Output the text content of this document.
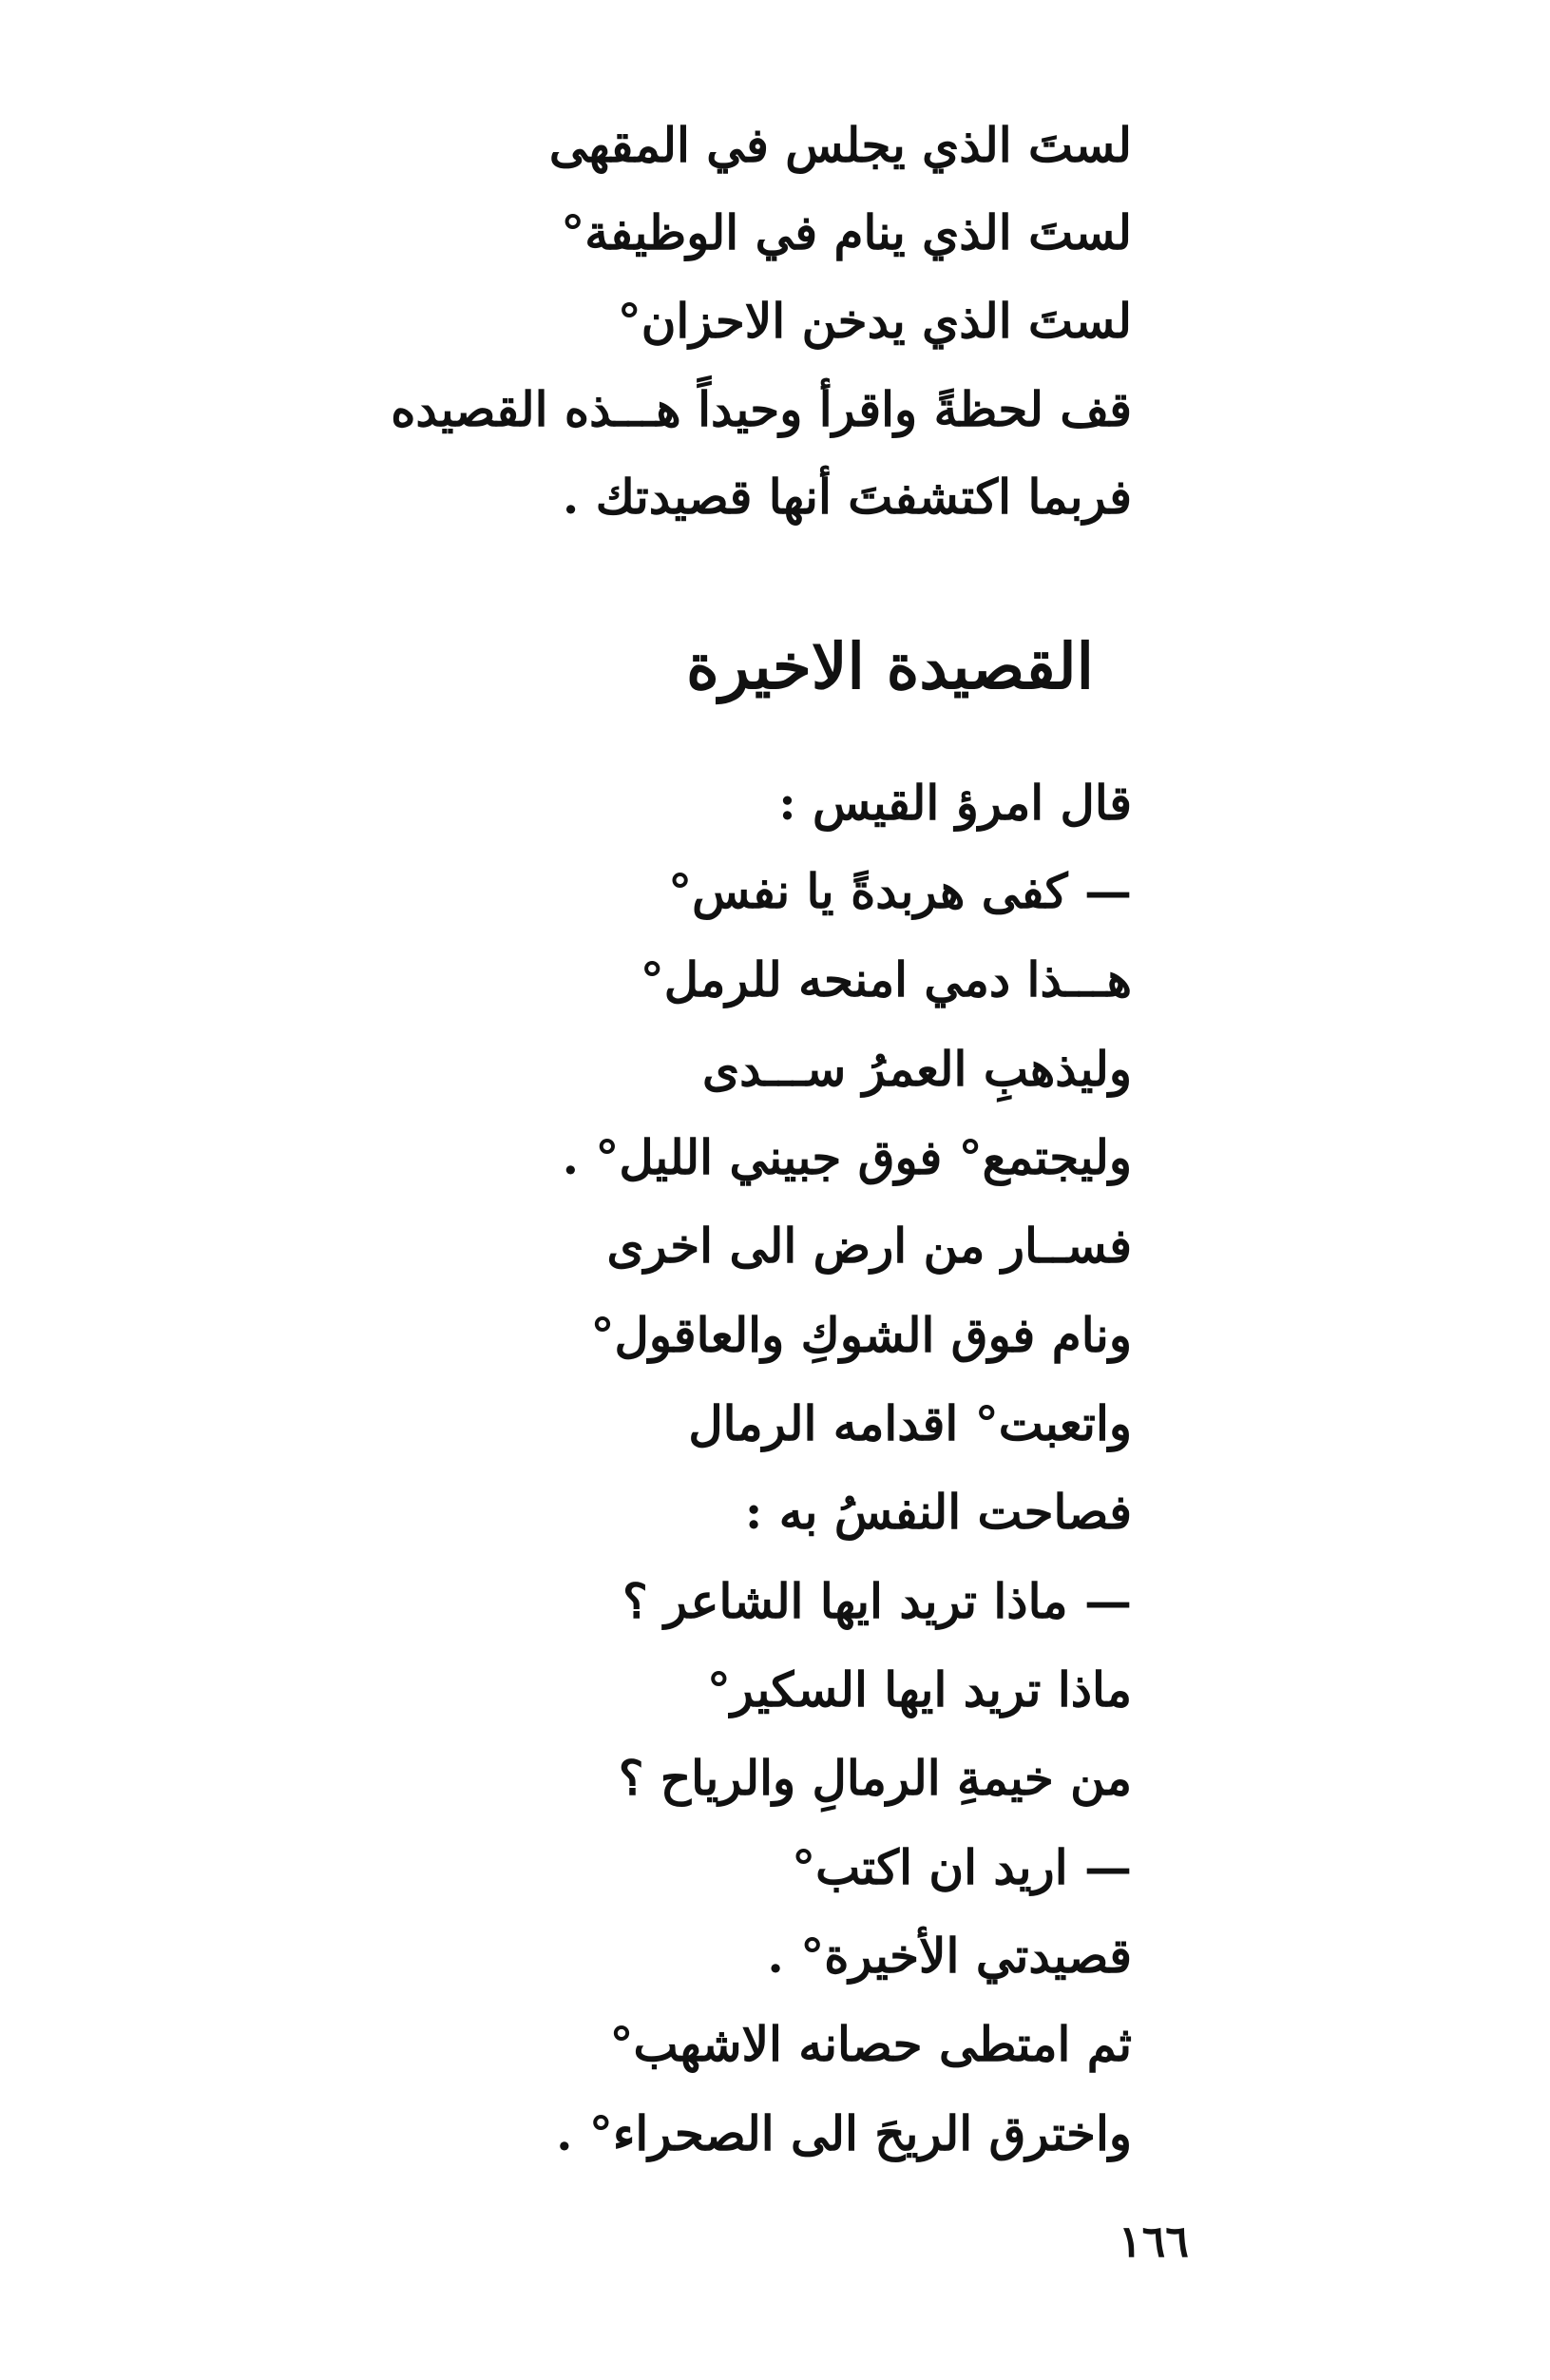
لستَ الذي يجلس في المقهى
لستَ الذي ينام في الوظيفة°
لستَ الذي يدخن الاحزان°
قف لحظةً واقرأ وحيداً هـــذه القصيده
فربما اكتشفتَ أنها قصيدتك .
القصيدة الاخيرة
قال امرؤ القيس :
— كفى هربدةً يا نفس°
هـــذا دمي امنحه للرمل°
وليذهبِ العمرُ ســـدى
وليجتمع° فوق جبيني الليل° .
فســار من ارض الى اخرى
ونام فوق الشوكِ والعاقول°
واتعبت° اقدامه الرمال
فصاحت النفسُ به :
— ماذا تريد ايها الشاعر ؟
ماذا تريد ايها السكير°
من خيمةِ الرمالِ والرياح ؟
— اريد ان اكتب°
قصيدتي الأخيرة° .
ثم امتطى حصانه الاشهب°
واخترق الريحَ الى الصحراء° .
١٦٦
